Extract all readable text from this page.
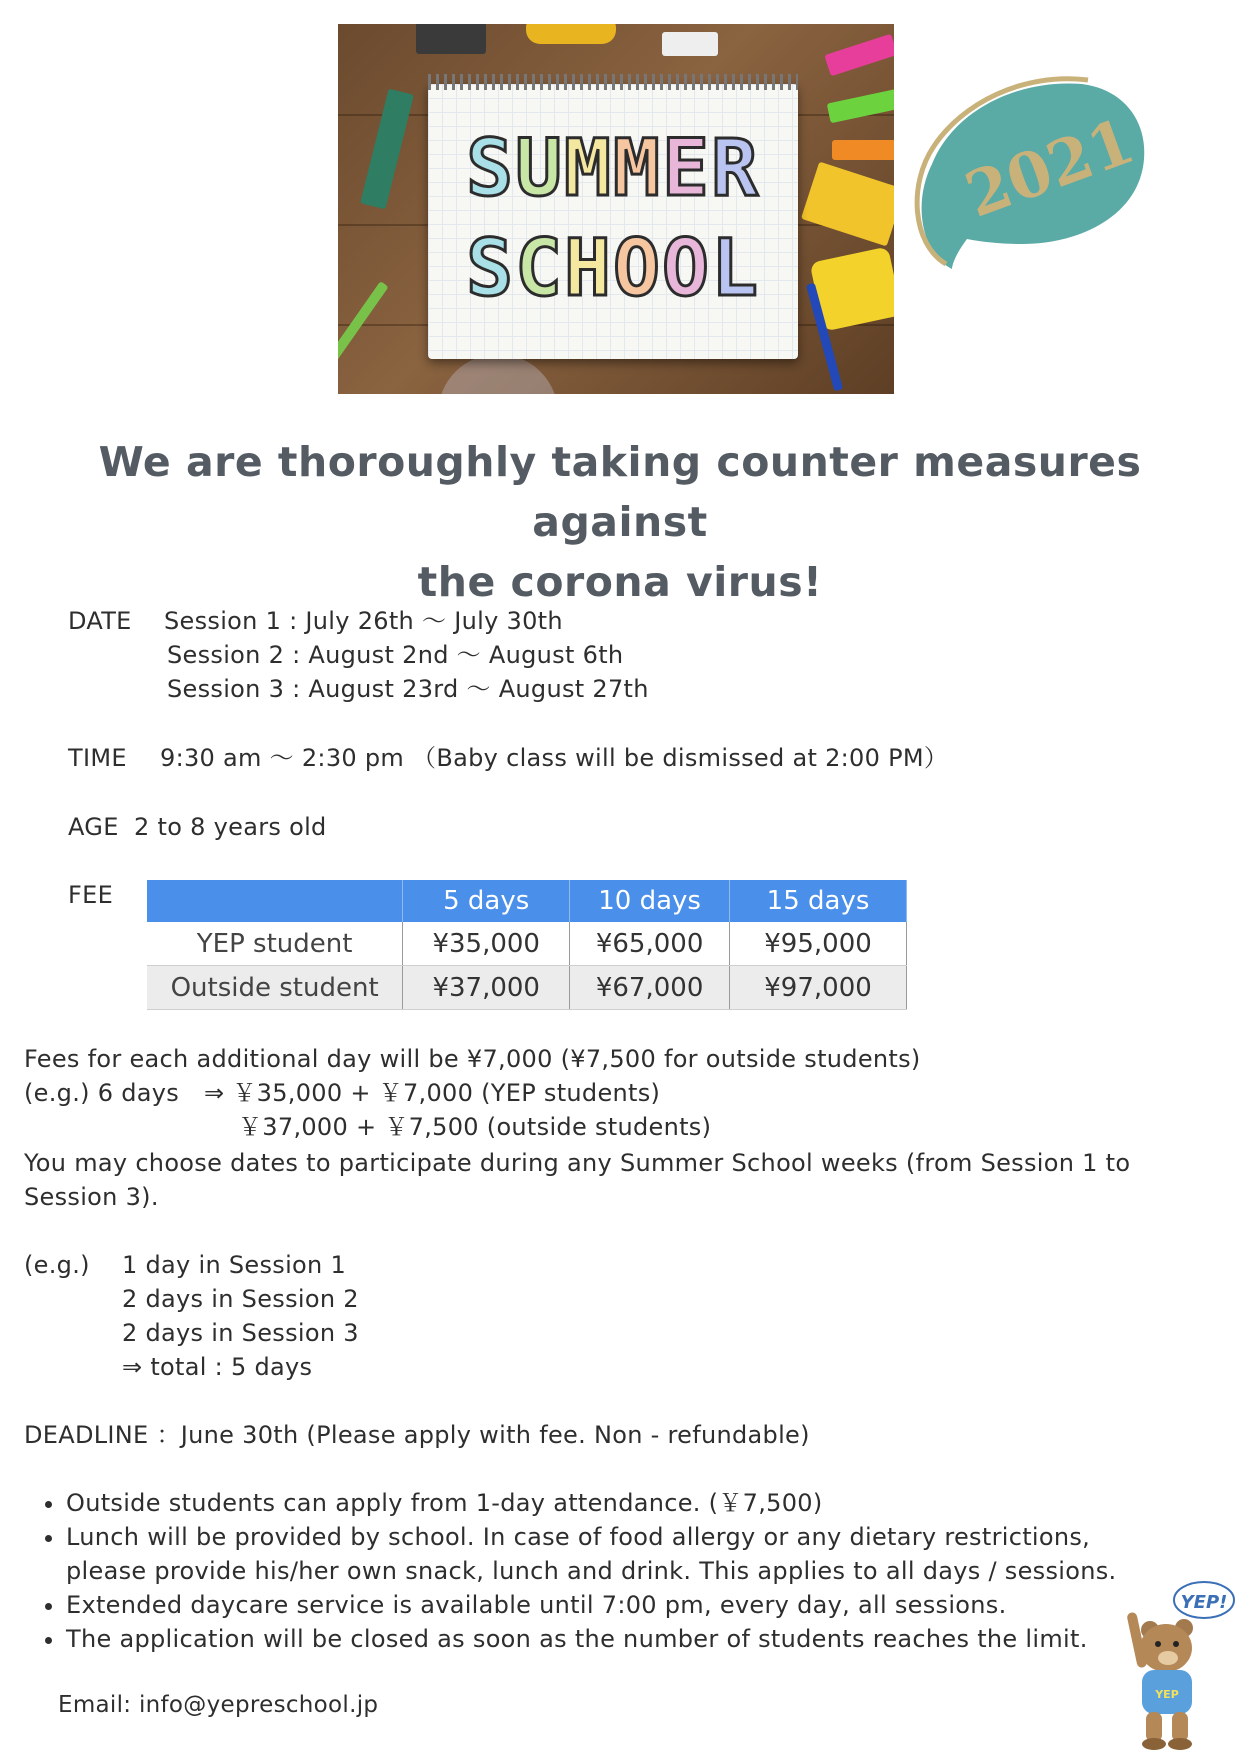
SUMMER
SCHOOL
2021
We are thoroughly taking counter measures against
the corona virus!
DATE Session 1 : July 26th 〜 July 30th
Session 2 : August 2nd 〜 August 6th
Session 3 : August 23rd 〜 August 27th
TIME 9:30 am 〜 2:30 pm （Baby class will be dismissed at 2:00 PM）
AGE 2 to 8 years old
FEE
		5 days	10 days	15 days
YEP student	¥35,000	¥65,000	¥95,000
Outside student	¥37,000	¥67,000	¥97,000
Fees for each additional day will be ¥7,000 (¥7,500 for outside students)
(e.g.) 6 days ⇒ ￥35,000 + ￥7,000 (YEP students)
￥37,000 + ￥7,500 (outside students)
You may choose dates to participate during any Summer School weeks (from Session 1 to
Session 3).
(e.g.) 1 day in Session 1
2 days in Session 2
2 days in Session 3
⇒ total : 5 days
DEADLINE ：June 30th (Please apply with fee. Non - refundable)
• Outside students can apply from 1-day attendance. (￥7,500)
• Lunch will be provided by school. In case of food allergy or any dietary restrictions, please provide his/her own snack, lunch and drink. This applies to all days / sessions.
• Extended daycare service is available until 7:00 pm, every day, all sessions.
• The application will be closed as soon as the number of students reaches the limit.
Email: info@yepreschool.jp
YEP!
YEP
